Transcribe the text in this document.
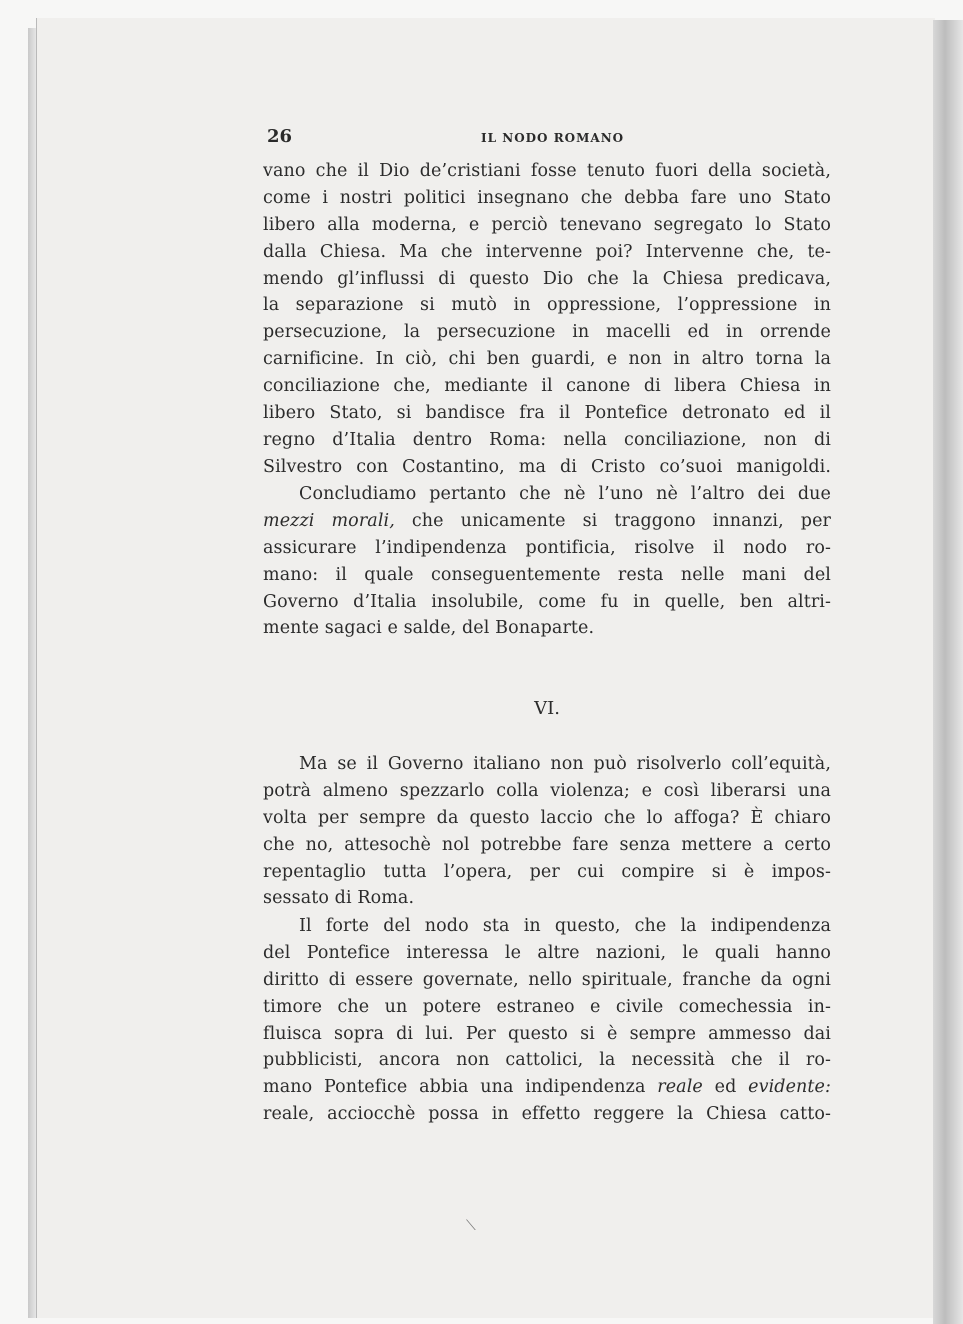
26	IL NODO ROMANO
vano che il Dio de’cristiani fosse tenuto fuori della società,
come i nostri politici insegnano che debba fare uno Stato
libero alla moderna, e perciò tenevano segregato lo Stato
dalla Chiesa. Ma che intervenne poi? Intervenne che, te-
mendo gl’influssi di questo Dio che la Chiesa predicava,
la separazione si mutò in oppressione, l’oppressione in
persecuzione, la persecuzione in macelli ed in orrende
carnificine. In ciò, chi ben guardi, e non in altro torna la
conciliazione che, mediante il canone di libera Chiesa in
libero Stato, si bandisce fra il Pontefice detronato ed il
regno d’Italia dentro Roma: nella conciliazione, non di
Silvestro con Costantino, ma di Cristo co’suoi manigoldi.
Concludiamo pertanto che nè l’uno nè l’altro dei due
mezzi morali, che unicamente si traggono innanzi, per
assicurare l’indipendenza pontificia, risolve il nodo ro-
mano: il quale conseguentemente resta nelle mani del
Governo d’Italia insolubile, come fu in quelle, ben altri-
mente sagaci e salde, del Bonaparte.
VI.
Ma se il Governo italiano non può risolverlo coll’equità,
potrà almeno spezzarlo colla violenza; e così liberarsi una
volta per sempre da questo laccio che lo affoga? È chiaro
che no, attesochè nol potrebbe fare senza mettere a certo
repentaglio tutta l’opera, per cui compire si è impos-
sessato di Roma.
Il forte del nodo sta in questo, che la indipendenza
del Pontefice interessa le altre nazioni, le quali hanno
diritto di essere governate, nello spirituale, franche da ogni
timore che un potere estraneo e civile comechessia in-
fluisca sopra di lui. Per questo si è sempre ammesso dai
pubblicisti, ancora non cattolici, la necessità che il ro-
mano Pontefice abbia una indipendenza reale ed evidente:
reale, acciocchè possa in effetto reggere la Chiesa catto-
⟍
